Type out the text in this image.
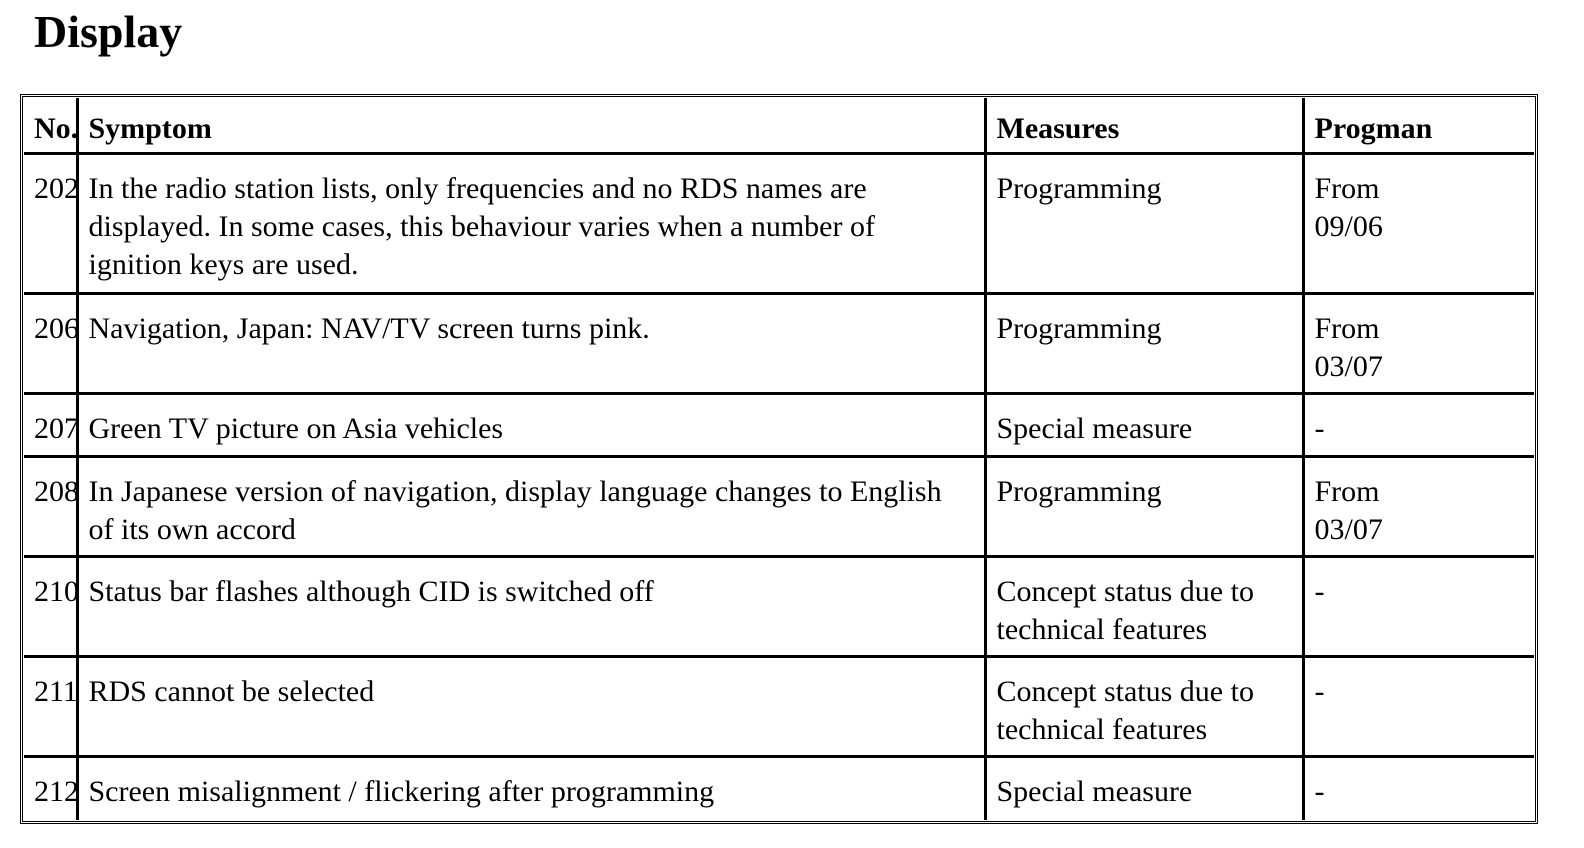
Display
No.	Symptom	Measures	Progman
202	In the radio station lists, only frequencies and no RDS names are displayed. In some cases, this behaviour varies when a number of ignition keys are used.	Programming	From
09/06
206	Navigation, Japan: NAV/TV screen turns pink.	Programming	From
03/07
207	Green TV picture on Asia vehicles	Special measure	-
208	In Japanese version of navigation, display language changes to English of its own accord	Programming	From
03/07
210	Status bar flashes although CID is switched off	Concept status due to technical features	-
211	RDS cannot be selected	Concept status due to technical features	-
212	Screen misalignment / flickering after programming	Special measure	-
